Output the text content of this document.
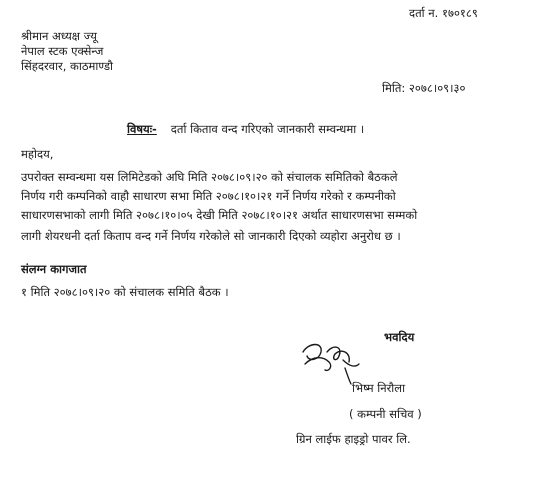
दर्ता न. १७०१८९
श्रीमान अध्यक्ष ज्यू
नेपाल स्टक एक्सेन्ज
सिंहदरवार, काठमाण्डौ
मिति: २०७८।०९।३०
विषयः- दर्ता किताव वन्द गरिएको जानकारी सम्वन्धमा ।
महोदय,
उपरोक्त सम्वन्धमा यस लिमिटेडको अघि मिति २०७८।०९।२० को संचालक समितिको बैठकले
निर्णय गरी कम्पनिको वाहौ साधारण सभा मिति २०७८।१०।२१ गर्ने निर्णय गरेको र कम्पनीको
साधारणसभाको लागी मिति २०७८।१०।०५ देखी मिति २०७८।१०।२१ अर्थात साधारणसभा सम्मको
लागी शेयरधनी दर्ता किताप वन्द गर्ने निर्णय गरेकोले सो जानकारी दिएको व्यहोरा अनुरोध छ ।
संलग्न कागजात
१ मिति २०७८।०९।२० को संचालक समिति बैठक ।
भवदिय
भिष्म निरौला
( कम्पनी सचिव )
ग्रिन लाईफ हाइड्रो पावर लि.
